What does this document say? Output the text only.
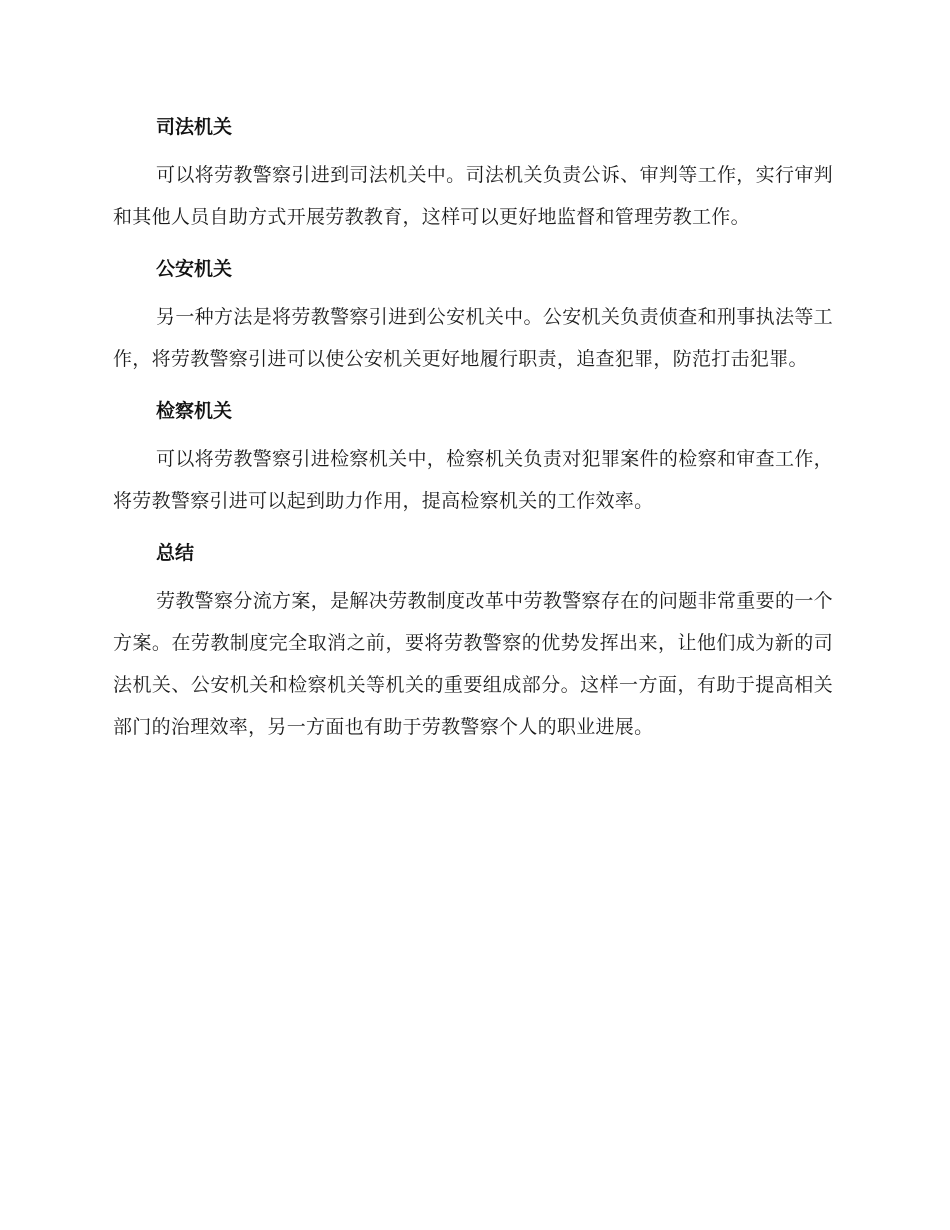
司法机关

可以将劳教警察引进到司法机关中。司法机关负责公诉、审判等工作，实行审判和其他人员自助方式开展劳教教育，这样可以更好地监督和管理劳教工作。

公安机关

另一种方法是将劳教警察引进到公安机关中。公安机关负责侦查和刑事执法等工作，将劳教警察引进可以使公安机关更好地履行职责，追查犯罪，防范打击犯罪。

检察机关

可以将劳教警察引进检察机关中，检察机关负责对犯罪案件的检察和审查工作，将劳教警察引进可以起到助力作用，提高检察机关的工作效率。

总结

劳教警察分流方案，是解决劳教制度改革中劳教警察存在的问题非常重要的一个方案。在劳教制度完全取消之前，要将劳教警察的优势发挥出来，让他们成为新的司法机关、公安机关和检察机关等机关的重要组成部分。这样一方面，有助于提高相关部门的治理效率，另一方面也有助于劳教警察个人的职业进展。
